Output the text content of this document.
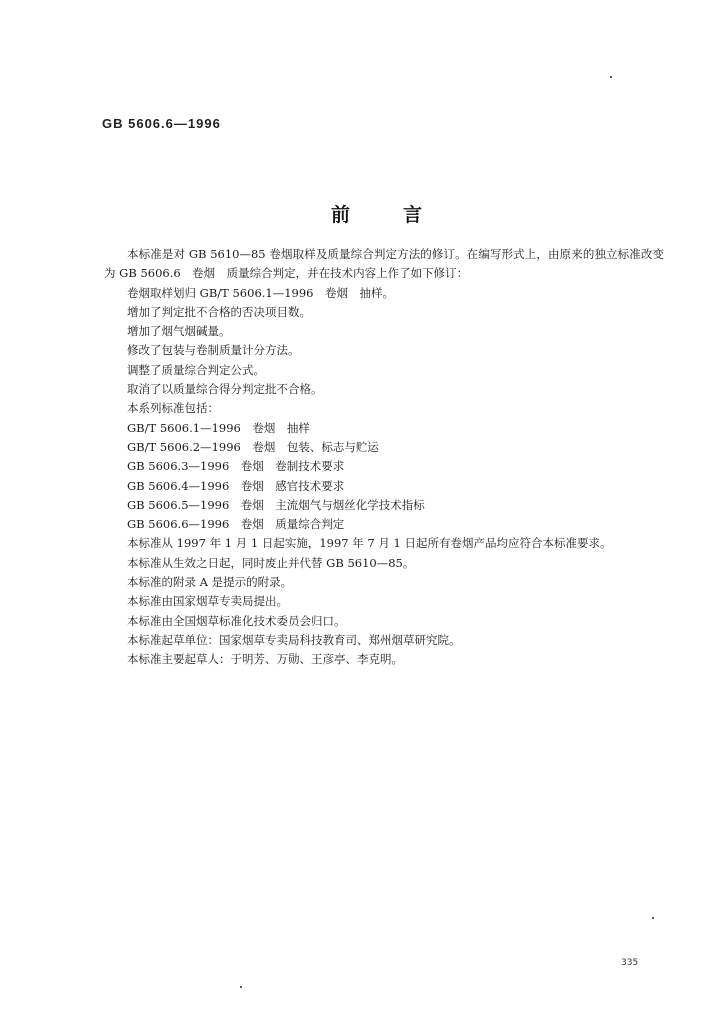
GB 5606.6—1996
前	言

本标准是对 GB 5610—85 卷烟取样及质量综合判定方法的修订。在编写形式上，由原来的独立标准改变为 GB 5606.6　卷烟　质量综合判定，并在技术内容上作了如下修订：

卷烟取样划归 GB/T 5606.1—1996　卷烟　抽样。

增加了判定批不合格的否决项目数。

增加了烟气烟碱量。

修改了包装与卷制质量计分方法。

调整了质量综合判定公式。

取消了以质量综合得分判定批不合格。

本系列标准包括：

GB/T 5606.1—1996　卷烟　抽样

GB/T 5606.2—1996　卷烟　包装、标志与贮运

GB 5606.3—1996　卷烟　卷制技术要求

GB 5606.4—1996　卷烟　感官技术要求

GB 5606.5—1996　卷烟　主流烟气与烟丝化学技术指标

GB 5606.6—1996　卷烟　质量综合判定

本标准从 1997 年 1 月 1 日起实施，1997 年 7 月 1 日起所有卷烟产品均应符合本标准要求。

本标准从生效之日起，同时废止并代替 GB 5610—85。

本标准的附录 A 是提示的附录。

本标准由国家烟草专卖局提出。

本标准由全国烟草标准化技术委员会归口。

本标准起草单位：国家烟草专卖局科技教育司、郑州烟草研究院。

本标准主要起草人：于明芳、万勋、王彦亭、李克明。

335
